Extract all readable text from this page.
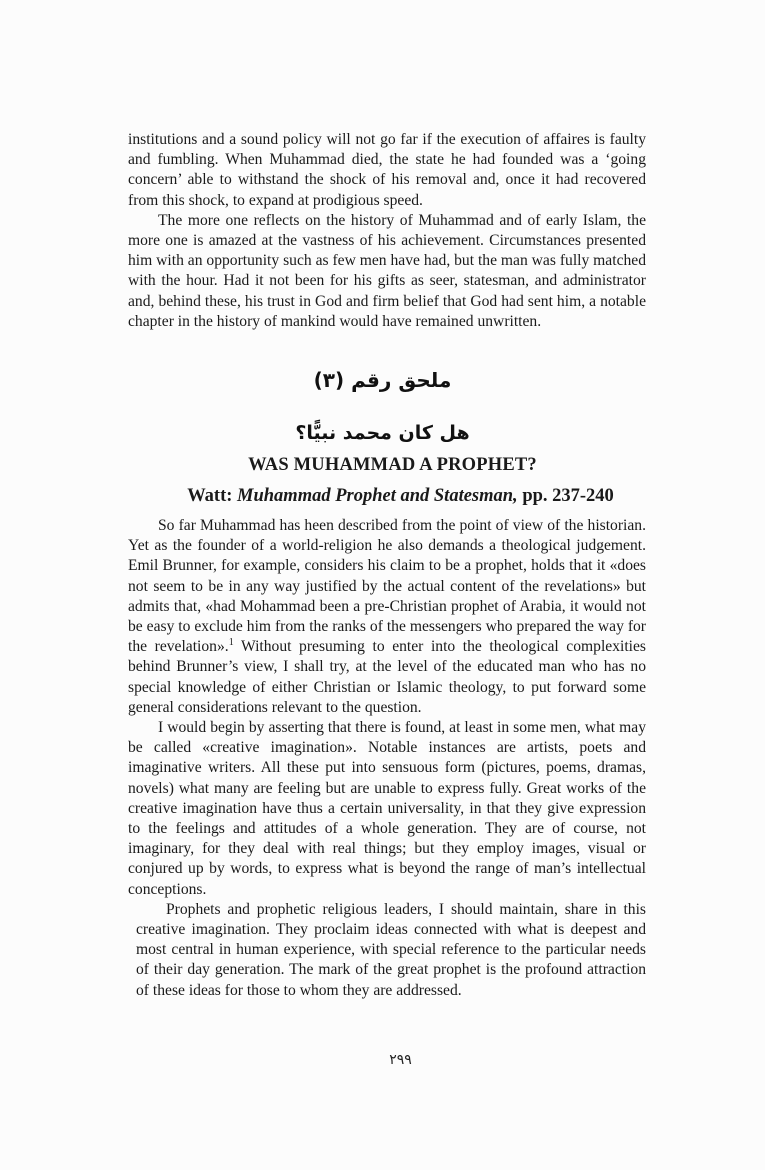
institutions and a sound policy will not go far if the execution of affaires is faulty and fumbling. When Muhammad died, the state he had founded was a ‘going concern’ able to withstand the shock of his removal and, once it had recovered from this shock, to expand at prodigious speed.

The more one reflects on the history of Muhammad and of early Islam, the more one is amazed at the vastness of his achievement. Circumstances presented him with an opportunity such as few men have had, but the man was fully matched with the hour. Had it not been for his gifts as seer, statesman, and administrator and, behind these, his trust in God and firm belief that God had sent him, a notable chapter in the history of mankind would have remained unwritten.

ملحق رقم (٣)
هل كان محمد نبيًّا؟
WAS MUHAMMAD A PROPHET?
Watt: Muhammad Prophet and Statesman, pp. 237-240

So far Muhammad has heen described from the point of view of the historian. Yet as the founder of a world-religion he also demands a theological judgement. Emil Brunner, for example, considers his claim to be a prophet, holds that it «does not seem to be in any way justified by the actual content of the revelations» but admits that, «had Mohammad been a pre-Christian prophet of Arabia, it would not be easy to exclude him from the ranks of the messengers who prepared the way for the revelation».$^1$ Without presuming to enter into the theological complexities behind Brunner’s view, I shall try, at the level of the educated man who has no special knowledge of either Christian or Islamic theology, to put forward some general considerations relevant to the question.

I would begin by asserting that there is found, at least in some men, what may be called «creative imagination». Notable instances are artists, poets and imaginative writers. All these put into sensuous form (pictures, poems, dramas, novels) what many are feeling but are unable to express fully. Great works of the creative imagination have thus a certain universality, in that they give expression to the feelings and attitudes of a whole generation. They are of course, not imaginary, for they deal with real things; but they employ images, visual or conjured up by words, to express what is beyond the range of man’s intellectual conceptions.

Prophets and prophetic religious leaders, I should maintain, share in this creative imagination. They proclaim ideas connected with what is deepest and most central in human experience, with special reference to the particular needs of their day generation. The mark of the great prophet is the profound attraction of these ideas for those to whom they are addressed.

٢٩٩
